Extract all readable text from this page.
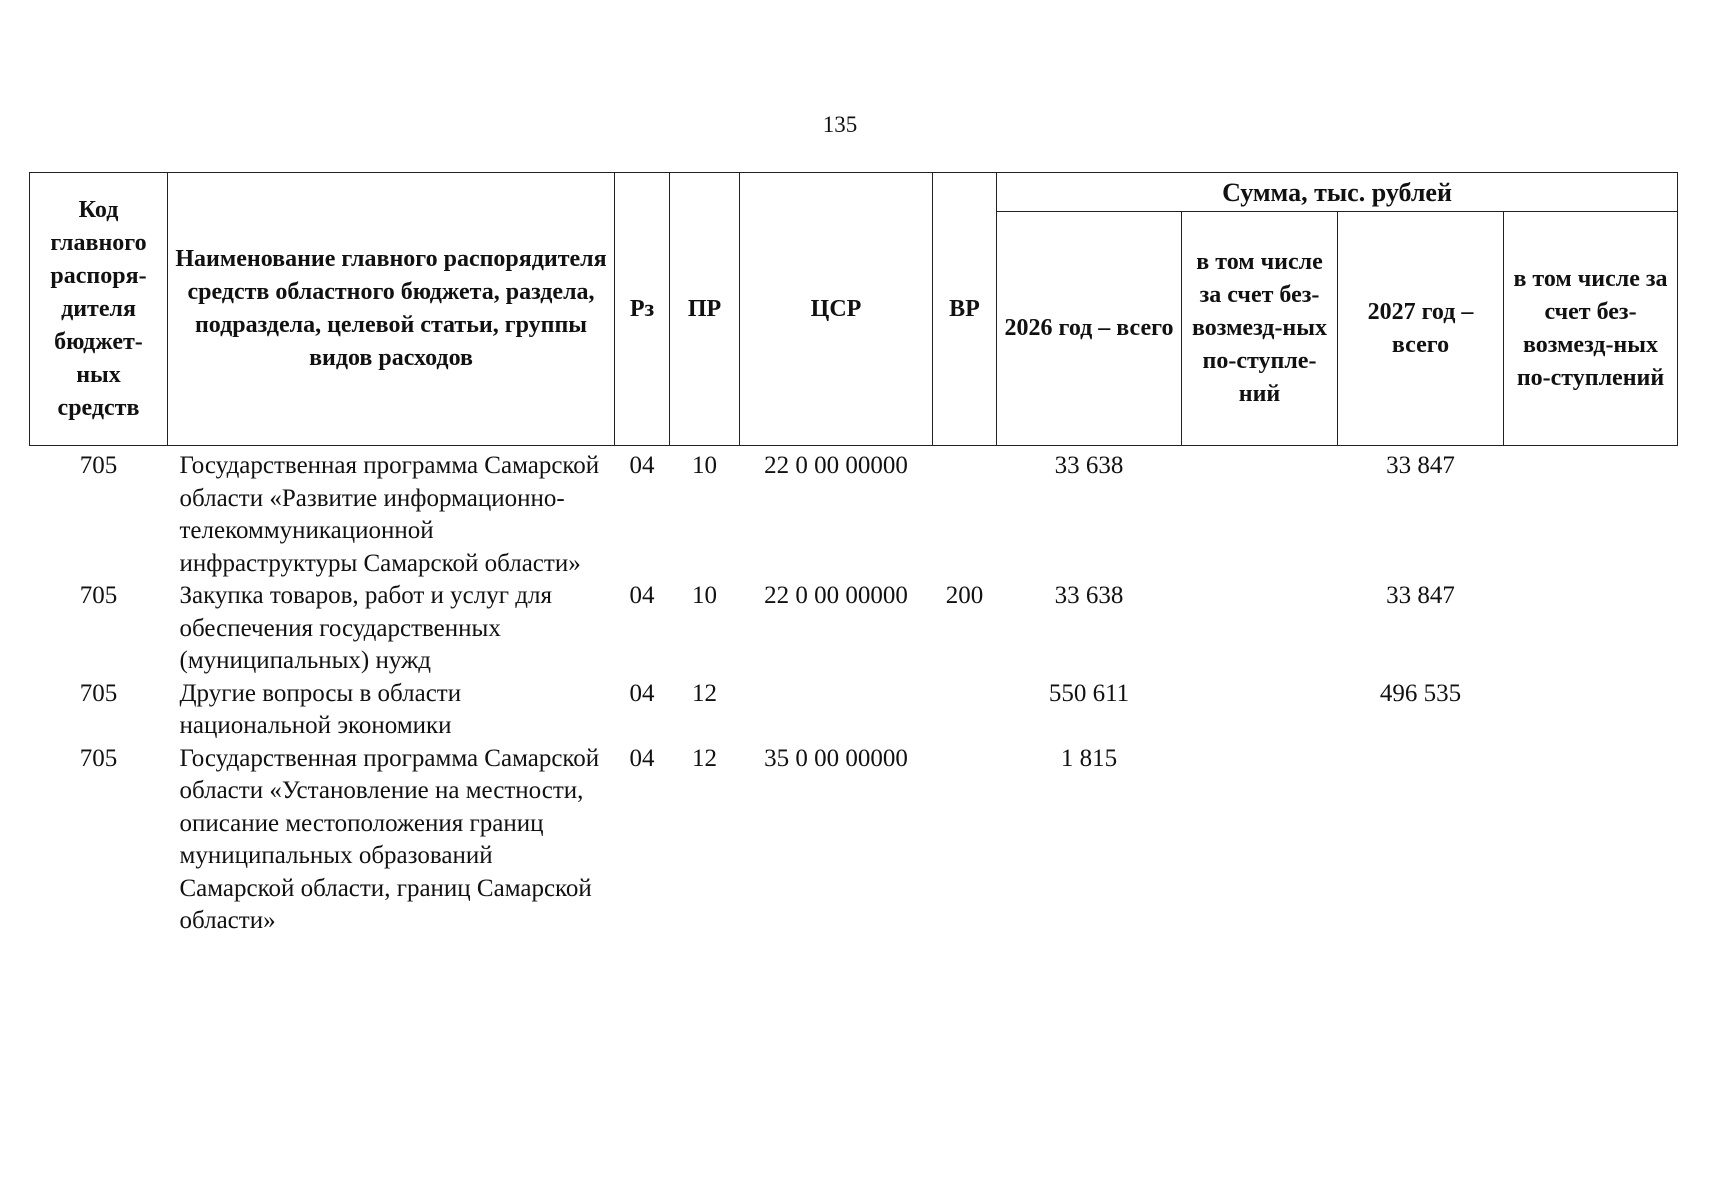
135
Код главного распоря-дителя бюджет-ных средств	Наименование главного распорядителя средств областного бюджета, раздела, подраздела, целевой статьи, группы видов расходов	Рз	ПР	ЦСР	ВР	Сумма, тыс. рублей			
						2026 год – всего	в том числе за счет без-возмезд-ных по-ступле-ний	2027 год – всего	в том числе за счет без-возмезд-ных по-ступлений
705	Государственная программа Самарской области «Развитие информационно-телекоммуникационной инфраструктуры Самарской области»	04	10	22 0 00 00000		33 638		33 847	
705	Закупка товаров, работ и услуг для обеспечения государственных (муниципальных) нужд	04	10	22 0 00 00000	200	33 638		33 847	
705	Другие вопросы в области национальной экономики	04	12			550 611		496 535	
705	Государственная программа Самарской области «Установление на местности, описание местоположения границ муниципальных образований Самарской области, границ Самарской области»	04	12	35 0 00 00000		1 815			
